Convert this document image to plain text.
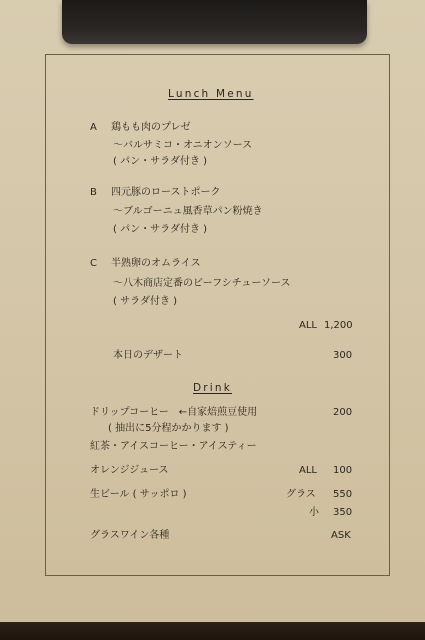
Lunch Menu
A 鶏もも肉のプレゼ
～バルサミコ・オニオンソース
( パン・サラダ付き )
B 四元豚のローストポーク
～ブルゴーニュ風香草パン粉焼き
( パン・サラダ付き )
C 半熟卵のオムライス
～八木商店定番のビーフシチューソース
( サラダ付き )
ALL 1,200
本日のデザート	300
Drink
ドリップコーヒー　←自家焙煎豆使用	200
( 抽出に5分程かかります )
紅茶・アイスコーヒー・アイスティー
オレンジジュース	ALL 100
生ビール ( サッポロ )	グラス 550
小 350
グラスワイン各種	ASK
